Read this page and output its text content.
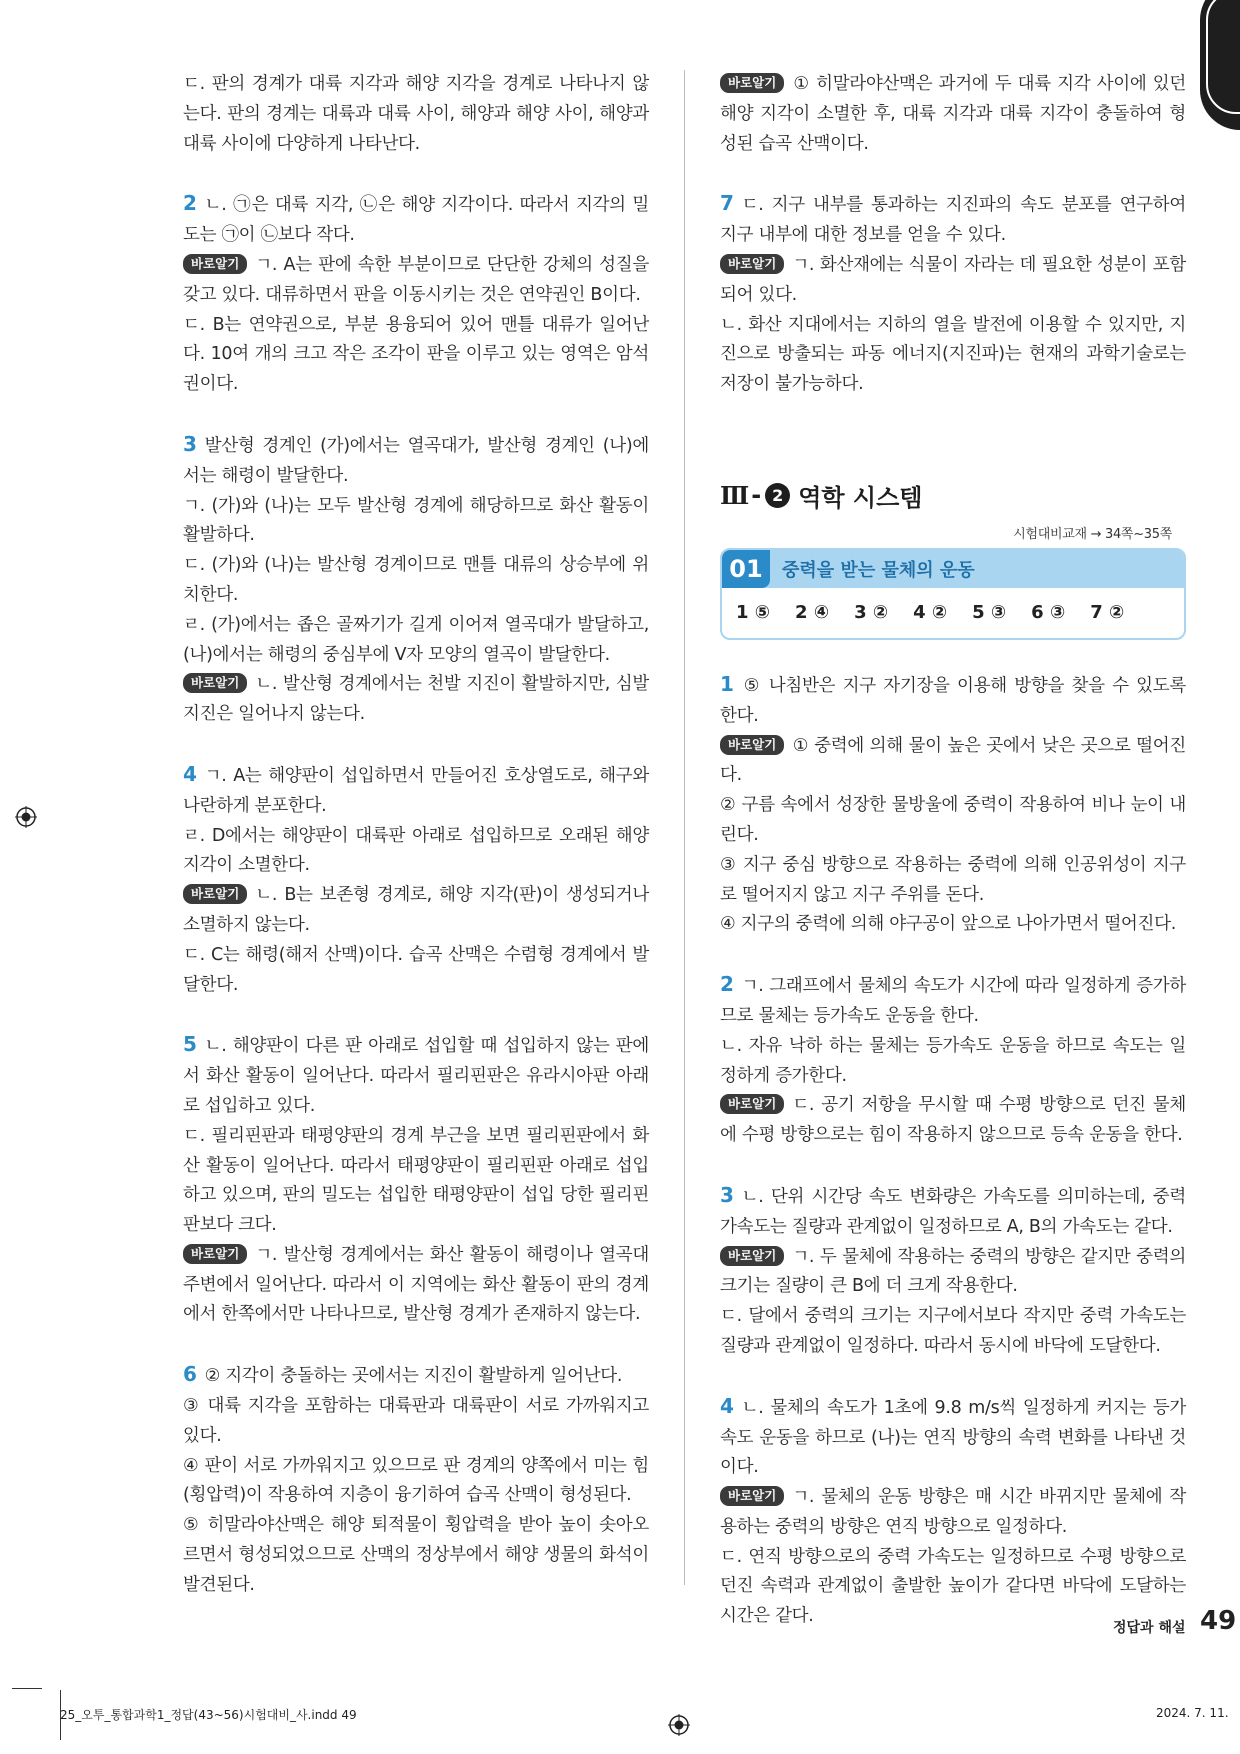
ㄷ. 판의 경계가 대륙 지각과 해양 지각을 경계로 나타나지 않는다. 판의 경계는 대륙과 대륙 사이, 해양과 해양 사이, 해양과 대륙 사이에 다양하게 나타난다.

2 ㄴ. ㉠은 대륙 지각, ㉡은 해양 지각이다. 따라서 지각의 밀도는 ㉠이 ㉡보다 작다.

바로알기 ㄱ. A는 판에 속한 부분이므로 단단한 강체의 성질을 갖고 있다. 대류하면서 판을 이동시키는 것은 연약권인 B이다.

ㄷ. B는 연약권으로, 부분 용융되어 있어 맨틀 대류가 일어난다. 10여 개의 크고 작은 조각이 판을 이루고 있는 영역은 암석권이다.

3 발산형 경계인 (가)에서는 열곡대가, 발산형 경계인 (나)에서는 해령이 발달한다.

ㄱ. (가)와 (나)는 모두 발산형 경계에 해당하므로 화산 활동이 활발하다.

ㄷ. (가)와 (나)는 발산형 경계이므로 맨틀 대류의 상승부에 위치한다.

ㄹ. (가)에서는 좁은 골짜기가 길게 이어져 열곡대가 발달하고, (나)에서는 해령의 중심부에 V자 모양의 열곡이 발달한다.

바로알기 ㄴ. 발산형 경계에서는 천발 지진이 활발하지만, 심발 지진은 일어나지 않는다.

4 ㄱ. A는 해양판이 섭입하면서 만들어진 호상열도로, 해구와 나란하게 분포한다.

ㄹ. D에서는 해양판이 대륙판 아래로 섭입하므로 오래된 해양 지각이 소멸한다.

바로알기 ㄴ. B는 보존형 경계로, 해양 지각(판)이 생성되거나 소멸하지 않는다.

ㄷ. C는 해령(해저 산맥)이다. 습곡 산맥은 수렴형 경계에서 발달한다.

5 ㄴ. 해양판이 다른 판 아래로 섭입할 때 섭입하지 않는 판에서 화산 활동이 일어난다. 따라서 필리핀판은 유라시아판 아래로 섭입하고 있다.

ㄷ. 필리핀판과 태평양판의 경계 부근을 보면 필리핀판에서 화산 활동이 일어난다. 따라서 태평양판이 필리핀판 아래로 섭입하고 있으며, 판의 밀도는 섭입한 태평양판이 섭입 당한 필리핀판보다 크다.

바로알기 ㄱ. 발산형 경계에서는 화산 활동이 해령이나 열곡대 주변에서 일어난다. 따라서 이 지역에는 화산 활동이 판의 경계에서 한쪽에서만 나타나므로, 발산형 경계가 존재하지 않는다.

6 ② 지각이 충돌하는 곳에서는 지진이 활발하게 일어난다.

③ 대륙 지각을 포함하는 대륙판과 대륙판이 서로 가까워지고 있다.

④ 판이 서로 가까워지고 있으므로 판 경계의 양쪽에서 미는 힘(횡압력)이 작용하여 지층이 융기하여 습곡 산맥이 형성된다.

⑤ 히말라야산맥은 해양 퇴적물이 횡압력을 받아 높이 솟아오르면서 형성되었으므로 산맥의 정상부에서 해양 생물의 화석이 발견된다.

바로알기 ① 히말라야산맥은 과거에 두 대륙 지각 사이에 있던 해양 지각이 소멸한 후, 대륙 지각과 대륙 지각이 충돌하여 형성된 습곡 산맥이다.

7 ㄷ. 지구 내부를 통과하는 지진파의 속도 분포를 연구하여 지구 내부에 대한 정보를 얻을 수 있다.

바로알기 ㄱ. 화산재에는 식물이 자라는 데 필요한 성분이 포함되어 있다.

ㄴ. 화산 지대에서는 지하의 열을 발전에 이용할 수 있지만, 지진으로 방출되는 파동 에너지(지진파)는 현재의 과학기술로는 저장이 불가능하다.

Ⅲ - 2 역학 시스템
시험대비교재 → 34쪽~35쪽
01	중력을 받는 물체의 운동
1 ⑤ 2 ④ 3 ② 4 ② 5 ③ 6 ③ 7 ②

1 ⑤ 나침반은 지구 자기장을 이용해 방향을 찾을 수 있도록 한다.

바로알기 ① 중력에 의해 물이 높은 곳에서 낮은 곳으로 떨어진다.

② 구름 속에서 성장한 물방울에 중력이 작용하여 비나 눈이 내린다.

③ 지구 중심 방향으로 작용하는 중력에 의해 인공위성이 지구로 떨어지지 않고 지구 주위를 돈다.

④ 지구의 중력에 의해 야구공이 앞으로 나아가면서 떨어진다.

2 ㄱ. 그래프에서 물체의 속도가 시간에 따라 일정하게 증가하므로 물체는 등가속도 운동을 한다.

ㄴ. 자유 낙하 하는 물체는 등가속도 운동을 하므로 속도는 일정하게 증가한다.

바로알기 ㄷ. 공기 저항을 무시할 때 수평 방향으로 던진 물체에 수평 방향으로는 힘이 작용하지 않으므로 등속 운동을 한다.

3 ㄴ. 단위 시간당 속도 변화량은 가속도를 의미하는데, 중력 가속도는 질량과 관계없이 일정하므로 A, B의 가속도는 같다.

바로알기 ㄱ. 두 물체에 작용하는 중력의 방향은 같지만 중력의 크기는 질량이 큰 B에 더 크게 작용한다.

ㄷ. 달에서 중력의 크기는 지구에서보다 작지만 중력 가속도는 질량과 관계없이 일정하다. 따라서 동시에 바닥에 도달한다.

4 ㄴ. 물체의 속도가 1초에 9.8 m/s씩 일정하게 커지는 등가속도 운동을 하므로 (나)는 연직 방향의 속력 변화를 나타낸 것이다.

바로알기 ㄱ. 물체의 운동 방향은 매 시간 바뀌지만 물체에 작용하는 중력의 방향은 연직 방향으로 일정하다.

ㄷ. 연직 방향으로의 중력 가속도는 일정하므로 수평 방향으로 던진 속력과 관계없이 출발한 높이가 같다면 바닥에 도달하는 시간은 같다.

정답과 해설 49
25_오투_통합과학1_정답(43~56)시험대비_사.indd 49	2024. 7. 11.
